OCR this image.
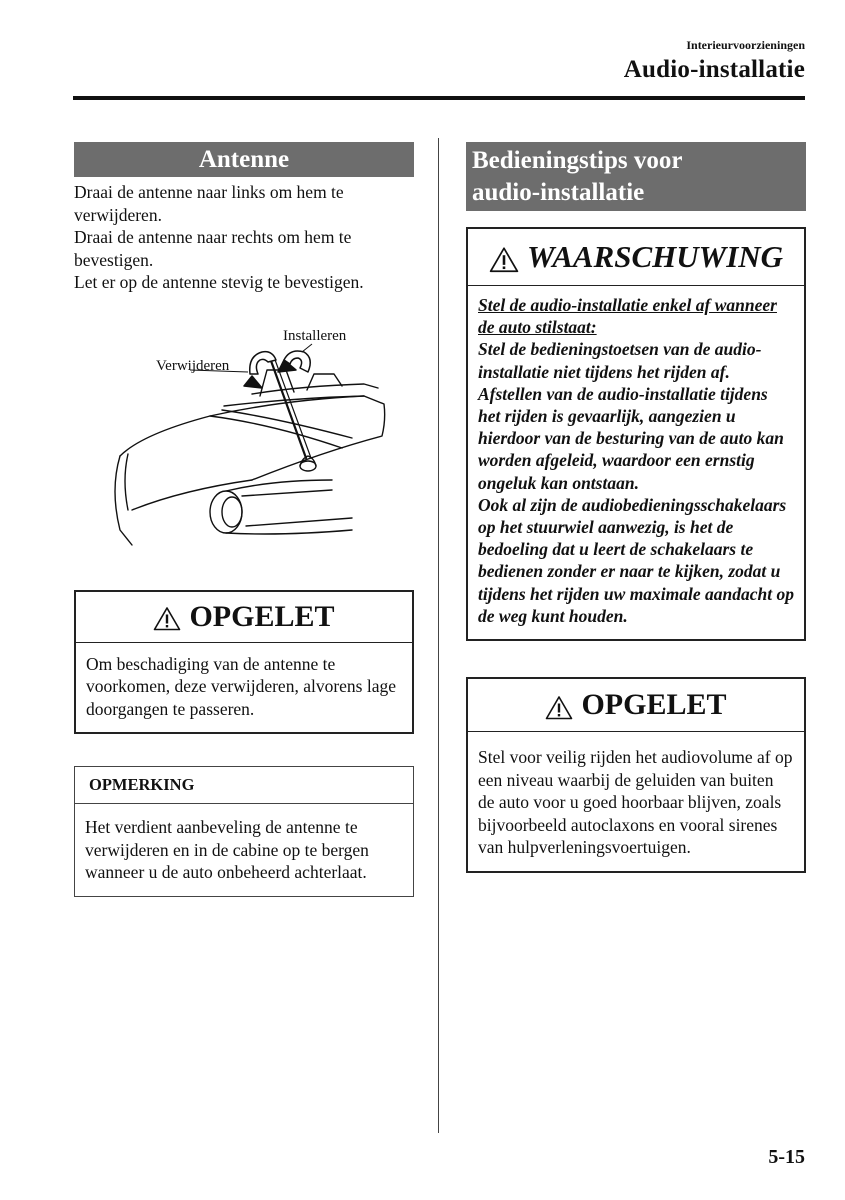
Interieurvoorzieningen
Audio-installatie
Antenne

Draai de antenne naar links om hem te verwijderen.

Draai de antenne naar rechts om hem te bevestigen.

Let er op de antenne stevig te bevestigen.

Installeren
Verwijderen
OPGELET
Om beschadiging van de antenne te voorkomen, deze verwijderen, alvorens lage doorgangen te passeren.
OPMERKING
Het verdient aanbeveling de antenne te verwijderen en in de cabine op te bergen wanneer u de auto onbeheerd achterlaat.
Bedieningstips voor
audio-installatie
WAARSCHUWING

Stel de audio-installatie enkel af wanneer de auto stilstaat:

Stel de bedieningstoetsen van de audio-installatie niet tijdens het rijden af. Afstellen van de audio-installatie tijdens het rijden is gevaarlijk, aangezien u hierdoor van de besturing van de auto kan worden afgeleid, waardoor een ernstig ongeluk kan ontstaan.

Ook al zijn de audiobedieningsschakelaars op het stuurwiel aanwezig, is het de bedoeling dat u leert de schakelaars te bedienen zonder er naar te kijken, zodat u tijdens het rijden uw maximale aandacht op de weg kunt houden.

OPGELET
Stel voor veilig rijden het audiovolume af op een niveau waarbij de geluiden van buiten de auto voor u goed hoorbaar blijven, zoals bijvoorbeeld autoclaxons en vooral sirenes van hulpverleningsvoertuigen.
5-15
